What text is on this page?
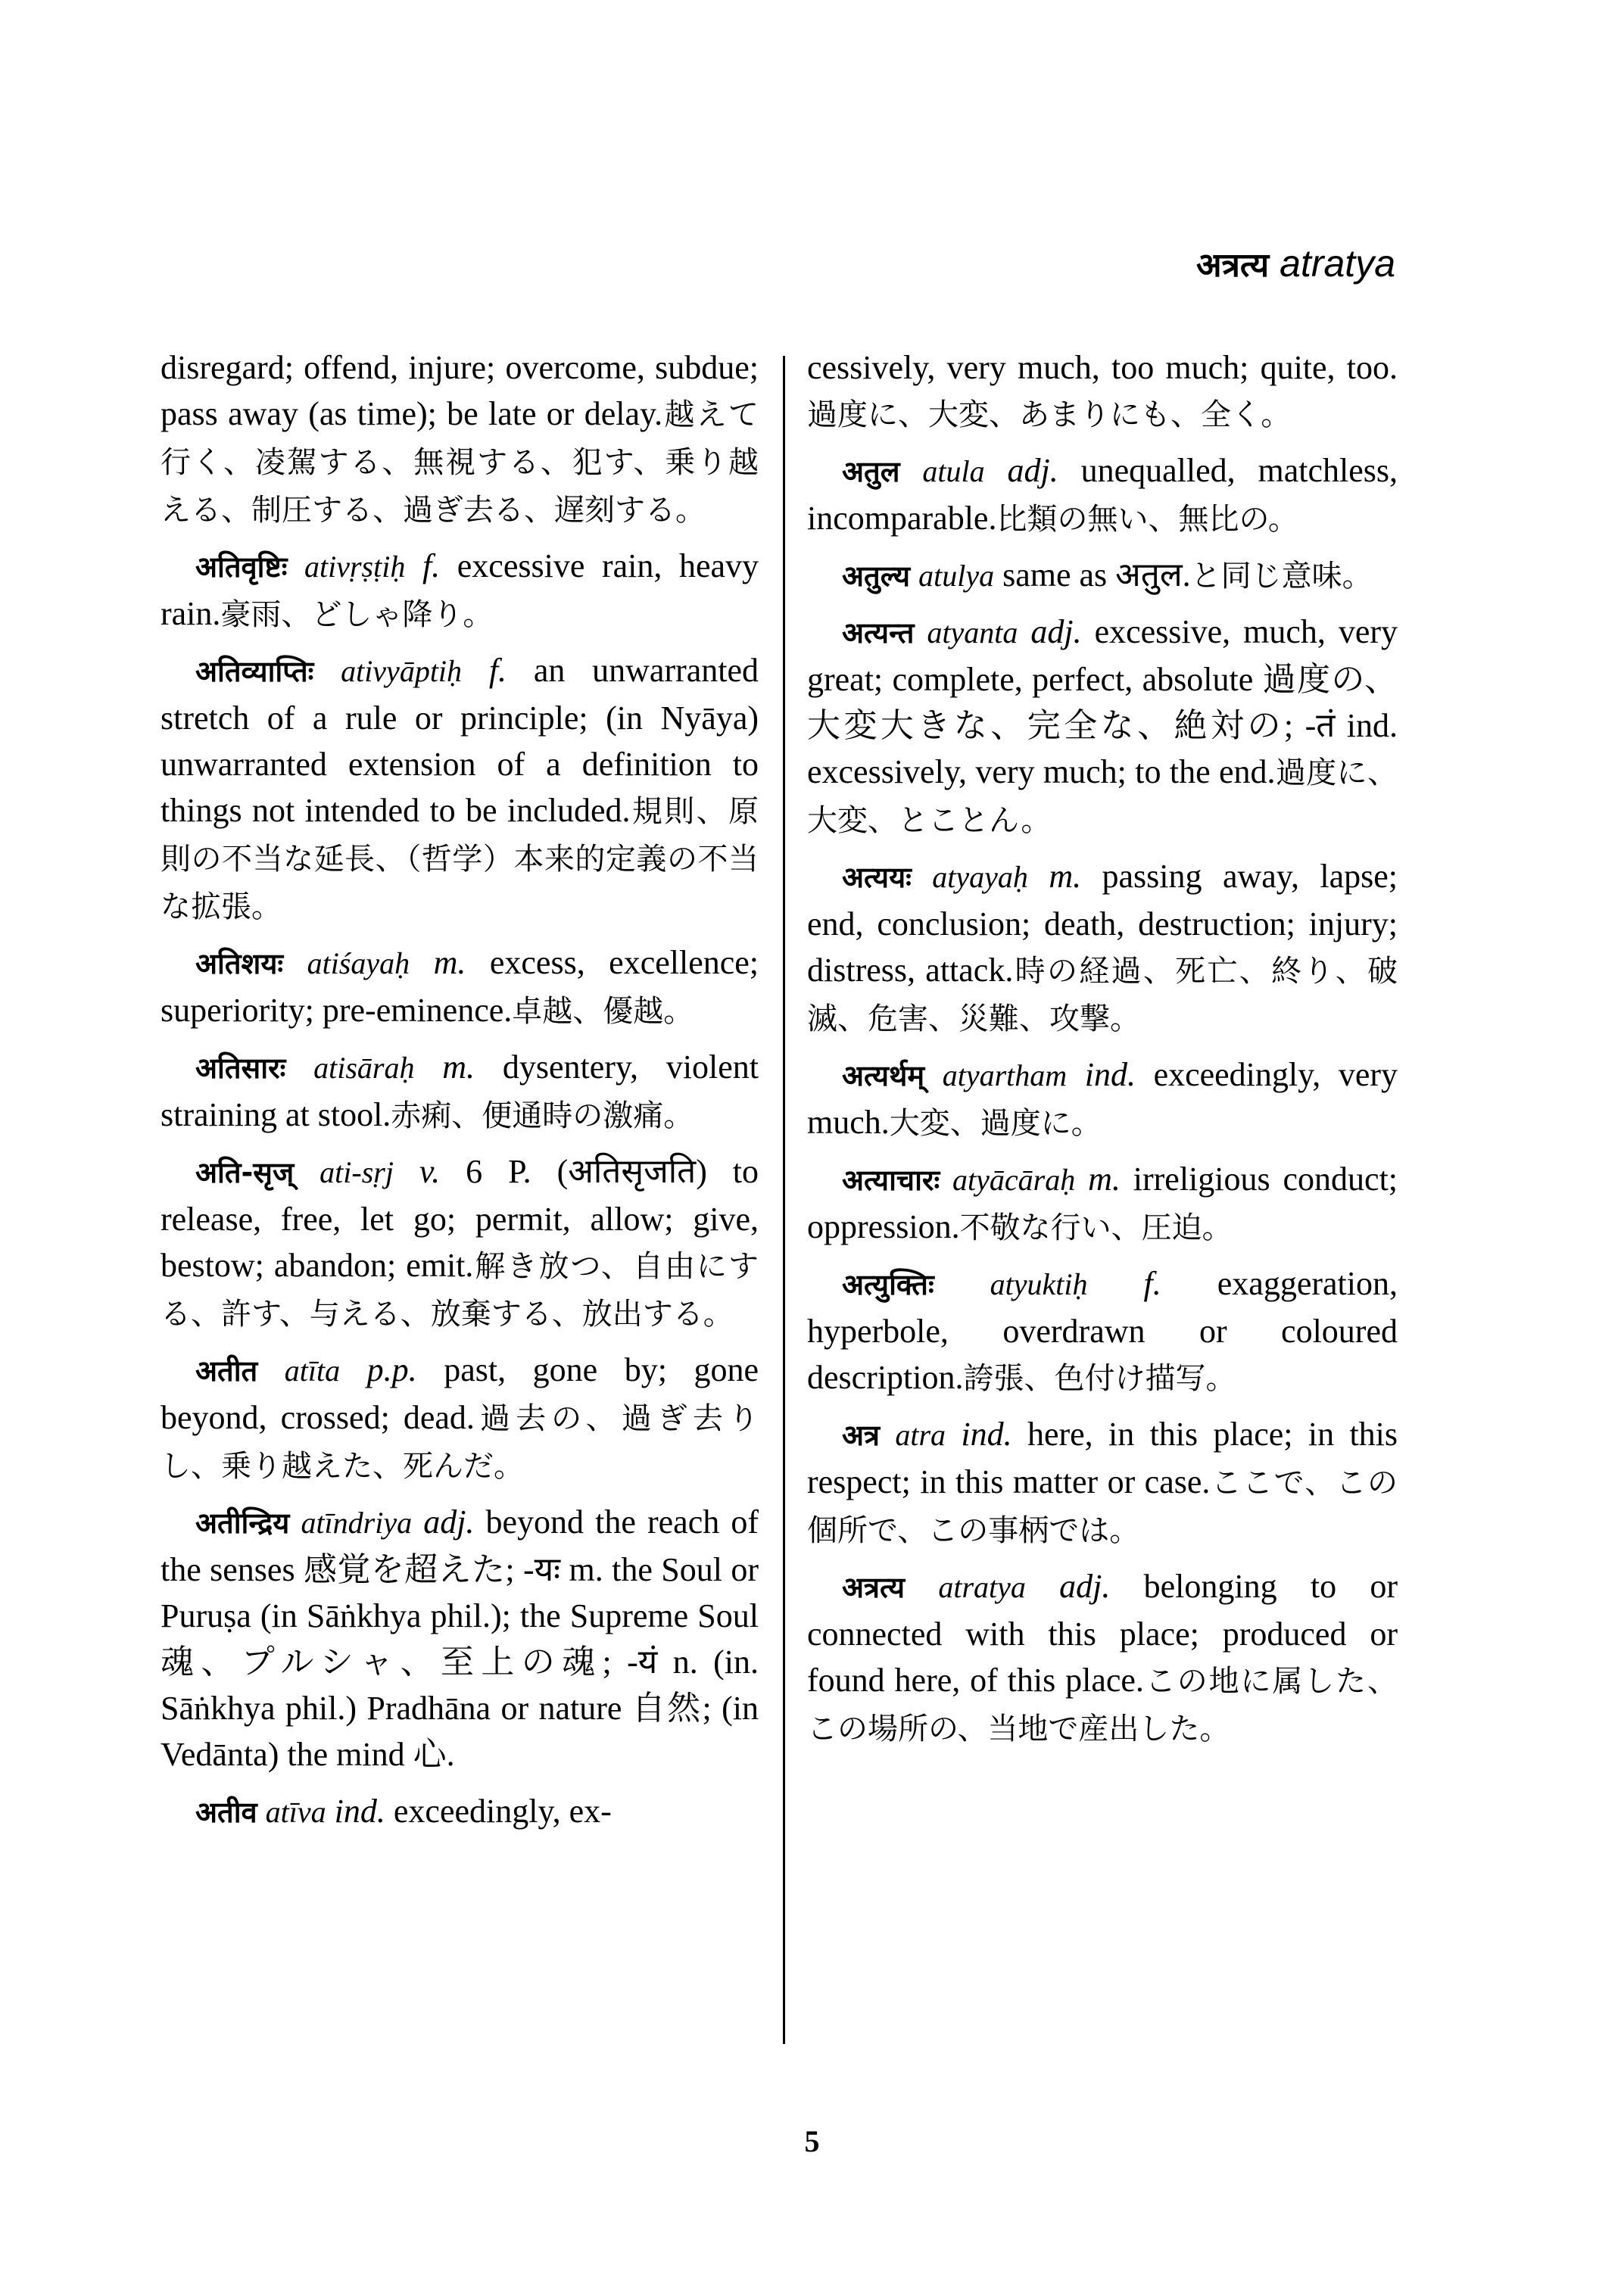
अत्रत्य atratya

disregard; offend, injure; overcome, subdue; pass away (as time); be late or delay.越えて行く、凌駕する、無視する、犯す、乗り越える、制圧する、過ぎ去る、遅刻する。

अतिवृष्टिः ativṛṣṭiḥ f. excessive rain, heavy rain.豪雨、どしゃ降り。

अतिव्याप्तिः ativyāptiḥ f. an unwarranted stretch of a rule or principle; (in Nyāya) unwarranted extension of a definition to things not intended to be included.規則、原則の不当な延長、（哲学）本来的定義の不当な拡張。

अतिशयः atiśayaḥ m. excess, excellence; superiority; pre-eminence.卓越、優越。

अतिसारः atisāraḥ m. dysentery, violent straining at stool.赤痢、便通時の激痛。

अति-सृज् ati-sṛj v. 6 P. (अतिसृजति) to release, free, let go; permit, allow; give, bestow; abandon; emit.解き放つ、自由にする、許す、与える、放棄する、放出する。

अतीत atīta p.p. past, gone by; gone beyond, crossed; dead.過去の、過ぎ去りし、乗り越えた、死んだ。

अतीन्द्रिय atīndriya adj. beyond the reach of the senses 感覚を超えた; -यः m. the Soul or Puruṣa (in Sāṅkhya phil.); the Supreme Soul 魂、プルシャ、至上の魂; -यं n. (in. Sāṅkhya phil.) Pradhāna or nature 自然; (in Vedānta) the mind 心.

अतीव atīva ind. exceedingly, ex-

cessively, very much, too much; quite, too.過度に、大変、あまりにも、全く。

अतुल atula adj. unequalled, matchless, incomparable.比類の無い、無比の。

अतुल्य atulya same as अतुल.と同じ意味。

अत्यन्त atyanta adj. excessive, much, very great; complete, perfect, absolute 過度の、大変大きな、完全な、絶対の; -तं ind. excessively, very much; to the end.過度に、大変、とことん。

अत्ययः atyayaḥ m. passing away, lapse; end, conclusion; death, destruction; injury; distress, attack.時の経過、死亡、終り、破滅、危害、災難、攻撃。

अत्यर्थम् atyartham ind. exceedingly, very much.大変、過度に。

अत्याचारः atyācāraḥ m. irreligious conduct; oppression.不敬な行い、圧迫。

अत्युक्तिः atyuktiḥ f. exaggeration, hyperbole, overdrawn or coloured description.誇張、色付け描写。

अत्र atra ind. here, in this place; in this respect; in this matter or case.ここで、この個所で、この事柄では。

अत्रत्य atratya adj. belonging to or connected with this place; produced or found here, of this place.この地に属した、この場所の、当地で産出した。

5
